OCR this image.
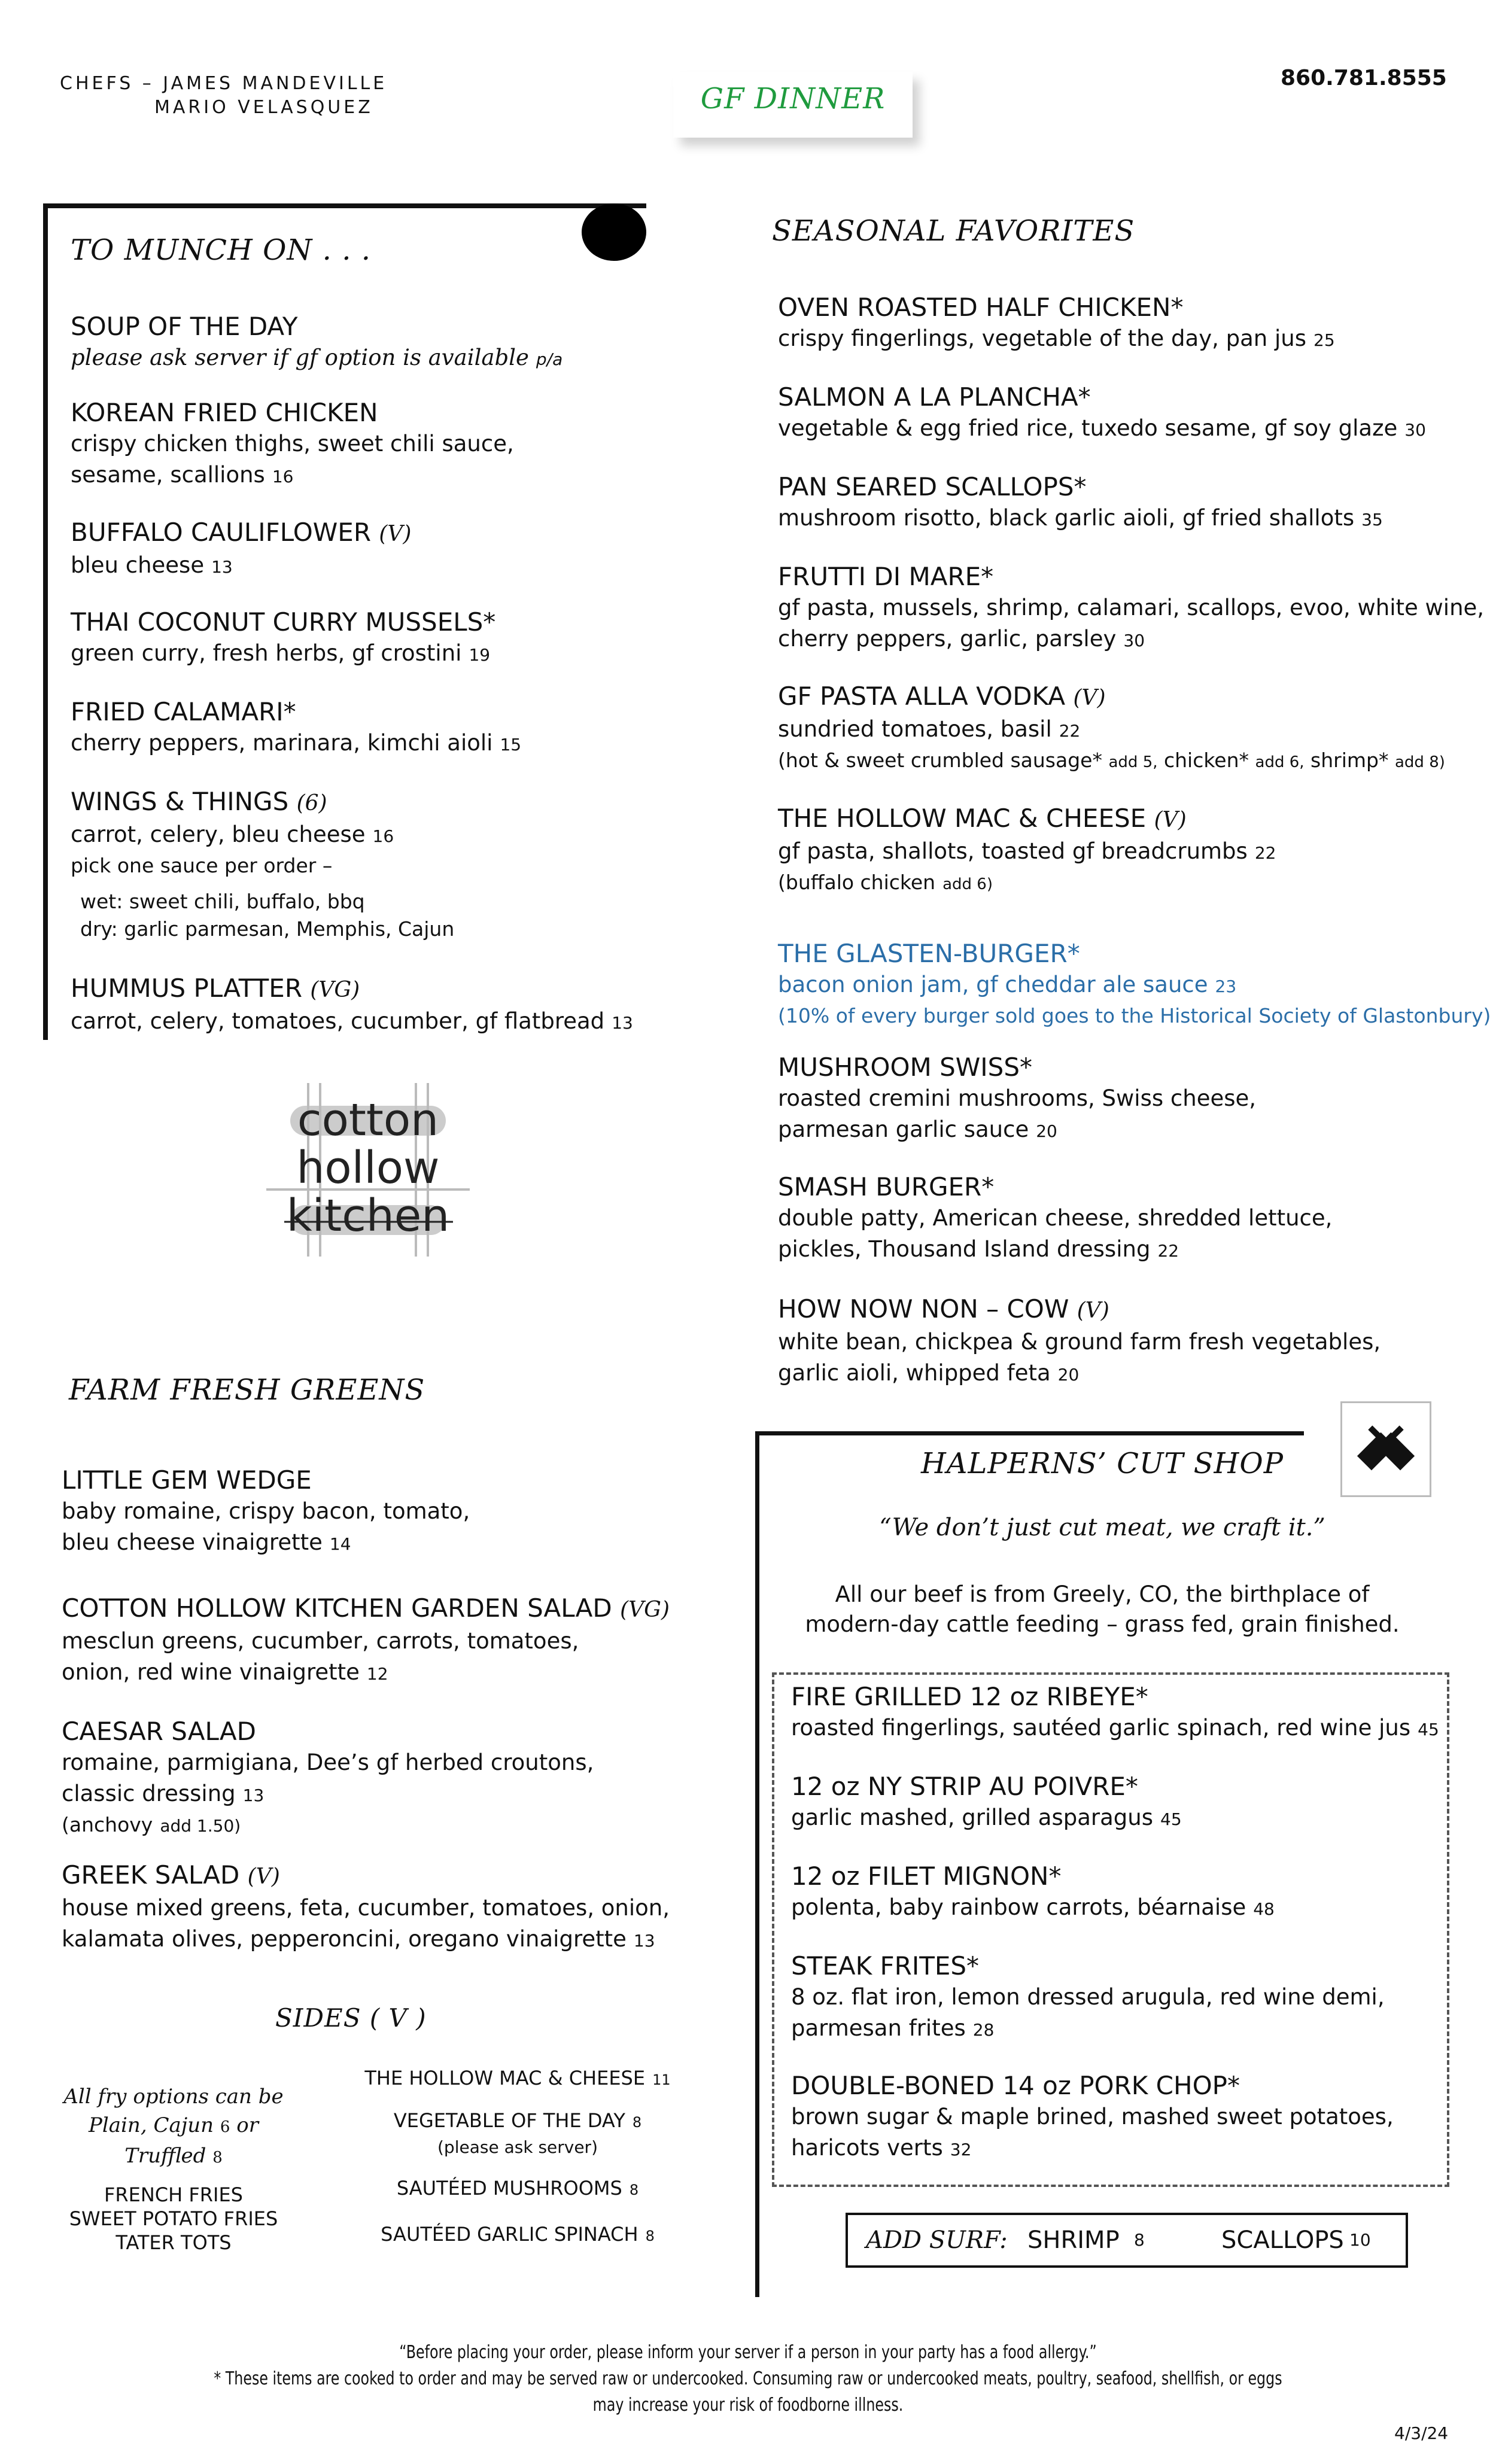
CHEFS – JAMES MANDEVILLE
MARIO VELASQUEZ	GF DINNER
860.781.8555
TO MUNCH ON . . .
SOUP OF THE DAY
please ask server if gf option is available p/a
KOREAN FRIED CHICKEN
crispy chicken thighs, sweet chili sauce,
sesame, scallions 16
BUFFALO CAULIFLOWER (V)
bleu cheese 13
THAI COCONUT CURRY MUSSELS*
green curry, fresh herbs, gf crostini 19
FRIED CALAMARI*
cherry peppers, marinara, kimchi aioli 15
WINGS & THINGS (6)
carrot, celery, bleu cheese 16
pick one sauce per order –
wet: sweet chili, buffalo, bbq
dry: garlic parmesan, Memphis, Cajun
HUMMUS PLATTER (VG)
carrot, celery, tomatoes, cucumber, gf flatbread 13
cotton
hollow
kitchen
FARM FRESH GREENS
LITTLE GEM WEDGE
baby romaine, crispy bacon, tomato,
bleu cheese vinaigrette 14
COTTON HOLLOW KITCHEN GARDEN SALAD (VG)
mesclun greens, cucumber, carrots, tomatoes,
onion, red wine vinaigrette 12
CAESAR SALAD
romaine, parmigiana, Dee’s gf herbed croutons,
classic dressing 13
(anchovy add 1.50)
GREEK SALAD (V)
house mixed greens, feta, cucumber, tomatoes, onion,
kalamata olives, pepperoncini, oregano vinaigrette 13
SIDES ( V )
All fry options can be
Plain, Cajun 6 or
Truffled 8
FRENCH FRIES
SWEET POTATO FRIES
TATER TOTS
THE HOLLOW MAC & CHEESE 11
VEGETABLE OF THE DAY 8
(please ask server)
SAUTÉED MUSHROOMS 8
SAUTÉED GARLIC SPINACH 8
SEASONAL FAVORITES
OVEN ROASTED HALF CHICKEN*
crispy fingerlings, vegetable of the day, pan jus 25
SALMON A LA PLANCHA*
vegetable & egg fried rice, tuxedo sesame, gf soy glaze 30
PAN SEARED SCALLOPS*
mushroom risotto, black garlic aioli, gf fried shallots 35
FRUTTI DI MARE*
gf pasta, mussels, shrimp, calamari, scallops, evoo, white wine,
cherry peppers, garlic, parsley 30
GF PASTA ALLA VODKA (V)
sundried tomatoes, basil 22
(hot & sweet crumbled sausage* add 5, chicken* add 6, shrimp* add 8)
THE HOLLOW MAC & CHEESE (V)
gf pasta, shallots, toasted gf breadcrumbs 22
(buffalo chicken add 6)
THE GLASTEN-BURGER*
bacon onion jam, gf cheddar ale sauce 23
(10% of every burger sold goes to the Historical Society of Glastonbury)
MUSHROOM SWISS*
roasted cremini mushrooms, Swiss cheese,
parmesan garlic sauce 20
SMASH BURGER*
double patty, American cheese, shredded lettuce,
pickles, Thousand Island dressing 22
HOW NOW NON – COW (V)
white bean, chickpea & ground farm fresh vegetables,
garlic aioli, whipped feta 20
HALPERNS’ CUT SHOP
“We don’t just cut meat, we craft it.”
All our beef is from Greely, CO, the birthplace of
modern-day cattle feeding – grass fed, grain finished.
FIRE GRILLED 12 oz RIBEYE*
roasted fingerlings, sautéed garlic spinach, red wine jus 45
12 oz NY STRIP AU POIVRE*
garlic mashed, grilled asparagus 45
12 oz FILET MIGNON*
polenta, baby rainbow carrots, béarnaise 48
STEAK FRITES*
8 oz. flat iron, lemon dressed arugula, red wine demi,
parmesan frites 28
DOUBLE-BONED 14 oz PORK CHOP*
brown sugar & maple brined, mashed sweet potatoes,
haricots verts 32
ADD SURF: SHRIMP 8	SCALLOPS 10
“Before placing your order, please inform your server if a person in your party has a food allergy.”
* These items are cooked to order and may be served raw or undercooked. Consuming raw or undercooked meats, poultry, seafood, shellfish, or eggs
may increase your risk of foodborne illness.
4/3/24
